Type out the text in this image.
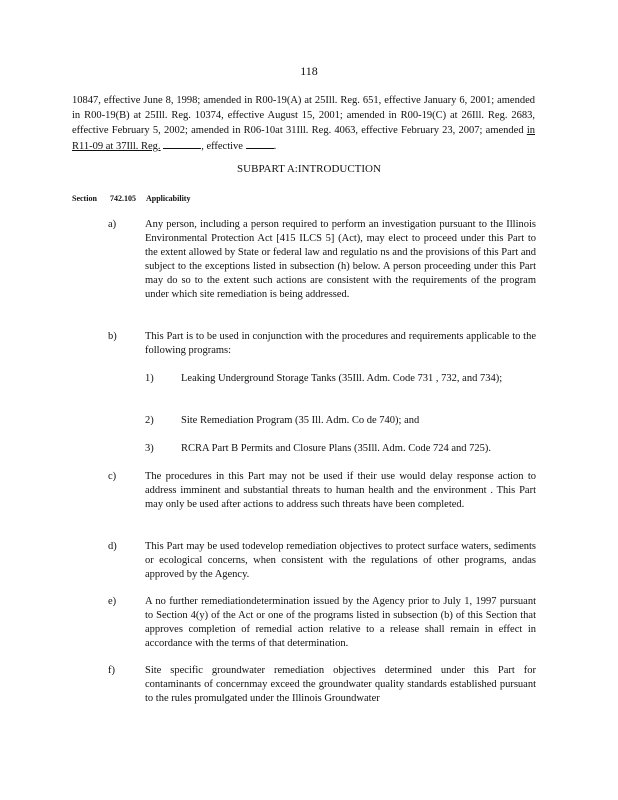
118
10847, effective June 8, 1998; amended in R00-19(A) at 25Ill. Reg. 651, effective January 6, 2001; amended in R00-19(B) at 25Ill. Reg. 10374, effective August 15, 2001; amended in R00-19(C) at 26Ill. Reg. 2683, effective February 5, 2002; amended in R06-10at 31Ill. Reg. 4063, effective February 23, 2007; amended in R11-09 at 37Ill. Reg.	, effective	.
SUBPART A:INTRODUCTION
Section 742.105 Applicability
a)	Any person, including a person required to perform an investigation pursuant to the Illinois Environmental Protection Act [415 ILCS 5] (Act), may elect to proceed under this Part to the extent allowed by State or federal law and regulatio ns and the provisions of this Part and subject to the exceptions listed in subsection (h) below. A person proceeding under this Part may do so to the extent such actions are consistent with the requirements of the program under which site remediation is being addressed.
b)	This Part is to be used in conjunction with the procedures and requirements applicable to the following programs:
1)	Leaking Underground Storage Tanks (35Ill. Adm. Code 731 , 732, and 734);
2)	Site Remediation Program (35 Ill. Adm. Co de 740); and
3)	RCRA Part B Permits and Closure Plans (35Ill. Adm. Code 724 and 725).
c)	The procedures in this Part may not be used if their use would delay response action to address imminent and substantial threats to human health and the environment . This Part may only be used after actions to address such threats have been completed.
d)	This Part may be used todevelop remediation objectives to protect surface waters, sediments or ecological concerns, when consistent with the regulations of other programs, andas approved by the Agency.
e)	A no further remediationdetermination issued by the Agency prior to July 1, 1997 pursuant to Section 4(y) of the Act or one of the programs listed in subsection (b) of this Section that approves completion of remedial action relative to a release shall remain in effect in accordance with the terms of that determination.
f)	Site specific groundwater remediation objectives determined under this Part for contaminants of concernmay exceed the groundwater quality standards established pursuant to the rules promulgated under the Illinois Groundwater
